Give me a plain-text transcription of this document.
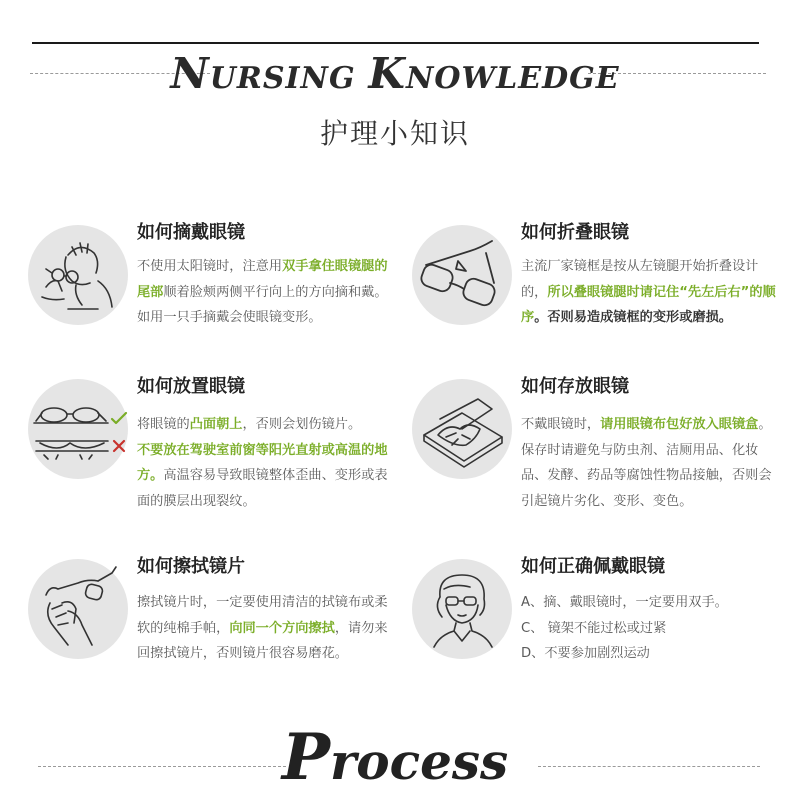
NURSING KNOWLEDGE
护理小知识
如何摘戴眼镜
不使用太阳镜时，注意用双手拿住眼镜腿的尾部顺着脸颊两侧平行向上的方向摘和戴。如用一只手摘戴会使眼镜变形。
如何折叠眼镜
主流厂家镜框是按从左镜腿开始折叠设计的，所以叠眼镜腿时请记住“先左后右”的顺序。否则易造成镜框的变形或磨损。
如何放置眼镜
将眼镜的凸面朝上，否则会划伤镜片。
不要放在驾驶室前窗等阳光直射或高温的地方。高温容易导致眼镜整体歪曲、变形或表面的膜层出现裂纹。
如何存放眼镜
不戴眼镜时，请用眼镜布包好放入眼镜盒。保存时请避免与防虫剂、洁厕用品、化妆品、发酵、药品等腐蚀性物品接触，否则会引起镜片劣化、变形、变色。
如何擦拭镜片
擦拭镜片时，一定要使用清洁的拭镜布或柔软的纯棉手帕，向同一个方向擦拭，请勿来回擦拭镜片，否则镜片很容易磨花。
如何正确佩戴眼镜
A、摘、戴眼镜时，一定要用双手。
C、 镜架不能过松或过紧
D、不要参加剧烈运动
Process
